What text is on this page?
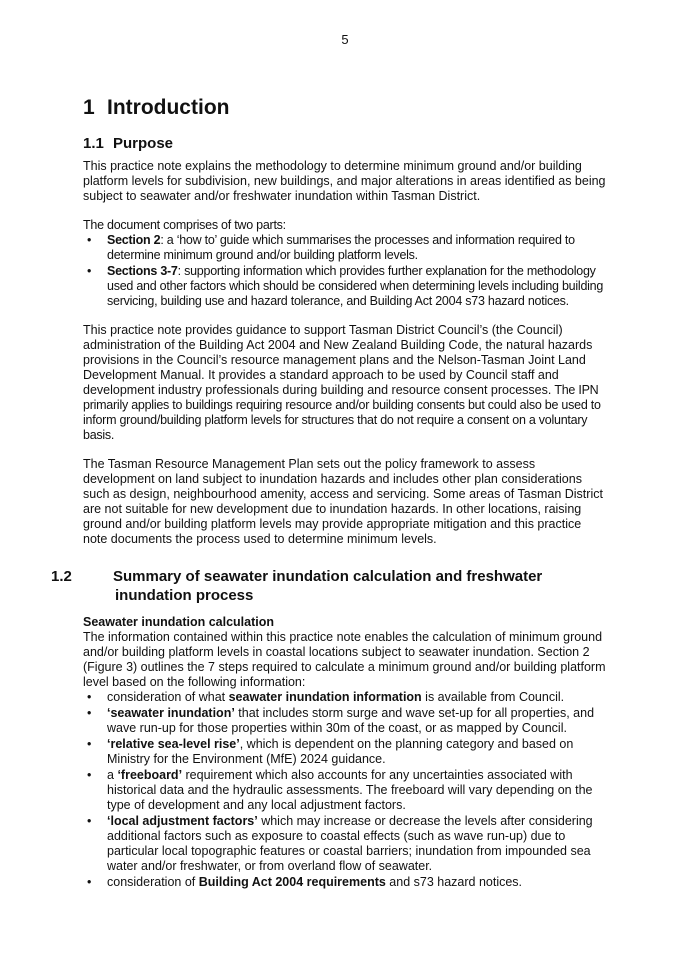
5
1 Introduction
1.1 Purpose

This practice note explains the methodology to determine minimum ground and/or building platform levels for subdivision, new buildings, and major alterations in areas identified as being subject to seawater and/or freshwater inundation within Tasman District.

The document comprises of two parts:

• Section 2: a ‘how to’ guide which summarises the processes and information required to determine minimum ground and/or building platform levels.
• Sections 3-7: supporting information which provides further explanation for the methodology used and other factors which should be considered when determining levels including building servicing, building use and hazard tolerance, and Building Act 2004 s73 hazard notices.

This practice note provides guidance to support Tasman District Council’s (the Council) administration of the Building Act 2004 and New Zealand Building Code, the natural hazards provisions in the Council’s resource management plans and the Nelson-Tasman Joint Land Development Manual. It provides a standard approach to be used by Council staff and development industry professionals during building and resource consent processes. The IPN primarily applies to buildings requiring resource and/or building consents but could also be used to inform ground/building platform levels for structures that do not require a consent on a voluntary basis.

The Tasman Resource Management Plan sets out the policy framework to assess development on land subject to inundation hazards and includes other plan considerations such as design, neighbourhood amenity, access and servicing. Some areas of Tasman District are not suitable for new development due to inundation hazards. In other locations, raising ground and/or building platform levels may provide appropriate mitigation and this practice note documents the process used to determine minimum levels.

1.2	Summary of seawater inundation calculation and freshwater inundation process

Seawater inundation calculation

The information contained within this practice note enables the calculation of minimum ground and/or building platform levels in coastal locations subject to seawater inundation. Section 2 (Figure 3) outlines the 7 steps required to calculate a minimum ground and/or building platform level based on the following information:

• consideration of what seawater inundation information is available from Council.
• ‘seawater inundation’ that includes storm surge and wave set-up for all properties, and wave run-up for those properties within 30m of the coast, or as mapped by Council.
• ‘relative sea-level rise’, which is dependent on the planning category and based on Ministry for the Environment (MfE) 2024 guidance.
• a ‘freeboard’ requirement which also accounts for any uncertainties associated with historical data and the hydraulic assessments. The freeboard will vary depending on the type of development and any local adjustment factors.
• ‘local adjustment factors’ which may increase or decrease the levels after considering additional factors such as exposure to coastal effects (such as wave run-up) due to particular local topographic features or coastal barriers; inundation from impounded sea water and/or freshwater, or from overland flow of seawater.
• consideration of Building Act 2004 requirements and s73 hazard notices.
